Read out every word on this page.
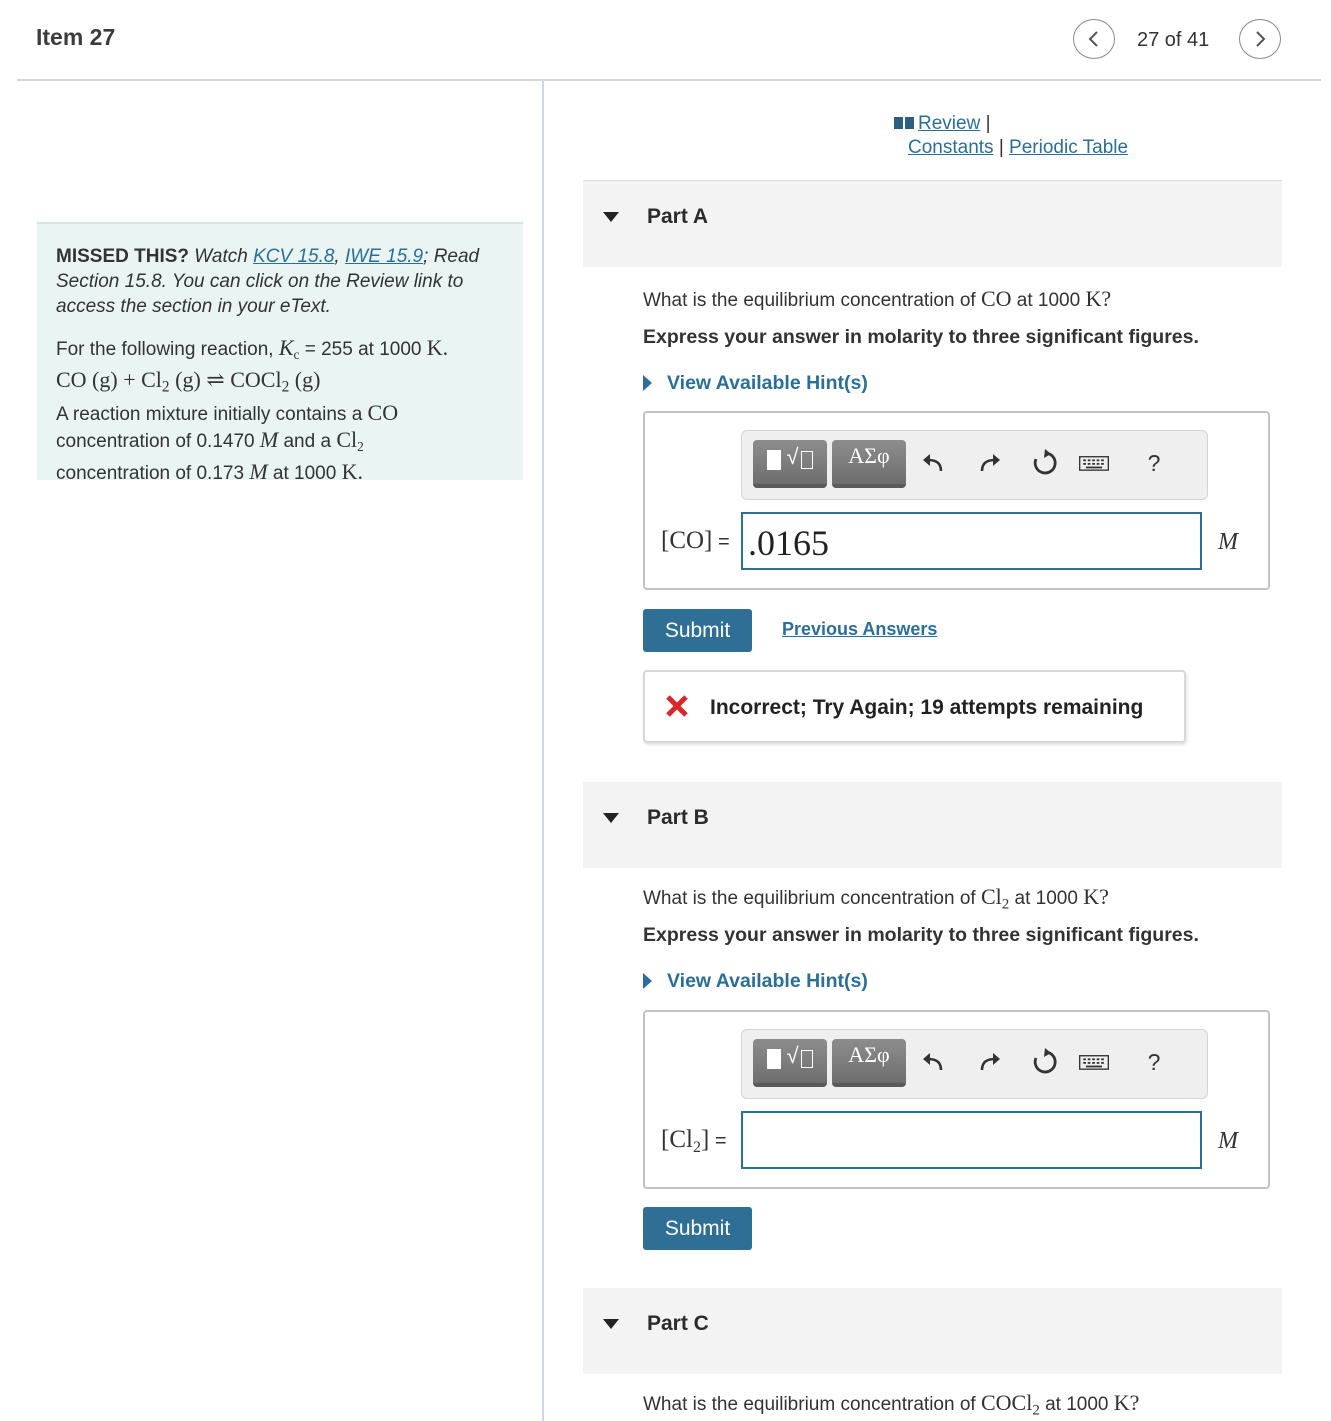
Item 27	27 of 41

MISSED THIS? Watch KCV 15.8, IWE 15.9; Read Section 15.8. You can click on the Review link to access the section in your eText.

For the following reaction, $K_c = 255$ at 1000 K.

CO $(g) + Cl_2$ (g) ⇌ COCl$_2$ (g)

A reaction mixture initially contains a CO
concentration of 0.1470 M and a $Cl_2$
concentration of 0.173 M at 1000 K.

Review |
Constants | Periodic Table
Part A
What is the equilibrium concentration of CO at 1000 K?
Express your answer in molarity to three significant figures.
View Available Hint(s)
√	ΑΣφ	?
[CO] =
.0165	M
Submit	Previous Answers
Incorrect; Try Again; 19 attempts remaining
Part B
What is the equilibrium concentration of $Cl_2$ at 1000 K?
Express your answer in molarity to three significant figures.
View Available Hint(s)
√	ΑΣφ	?
$[Cl_2]$ =	M
Submit
Part C
What is the equilibrium concentration of COCl$_2$ at 1000 K?
